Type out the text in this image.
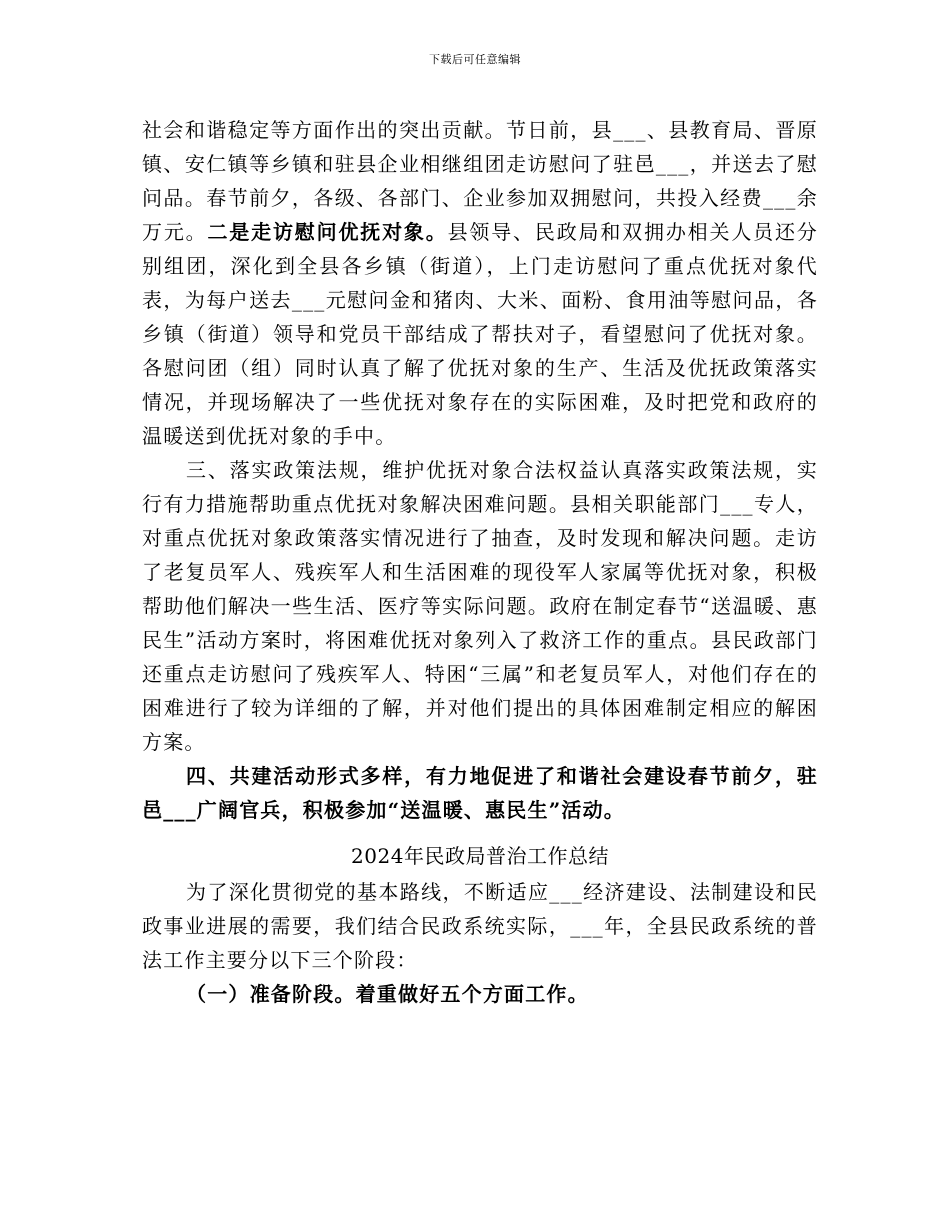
下载后可任意编辑

社会和谐稳定等方面作出的突出贡献。节日前，县___、县教育局、晋原镇、安仁镇等乡镇和驻县企业相继组团走访慰问了驻邑___，并送去了慰问品。春节前夕，各级、各部门、企业参加双拥慰问，共投入经费___余万元。二是走访慰问优抚对象。县领导、民政局和双拥办相关人员还分别组团，深化到全县各乡镇（街道），上门走访慰问了重点优抚对象代表，为每户送去___元慰问金和猪肉、大米、面粉、食用油等慰问品，各乡镇（街道）领导和党员干部结成了帮扶对子，看望慰问了优抚对象。各慰问团（组）同时认真了解了优抚对象的生产、生活及优抚政策落实情况，并现场解决了一些优抚对象存在的实际困难，及时把党和政府的温暖送到优抚对象的手中。

三、落实政策法规，维护优抚对象合法权益认真落实政策法规，实行有力措施帮助重点优抚对象解决困难问题。县相关职能部门___专人，对重点优抚对象政策落实情况进行了抽查，及时发现和解决问题。走访了老复员军人、残疾军人和生活困难的现役军人家属等优抚对象，积极帮助他们解决一些生活、医疗等实际问题。政府在制定春节“送温暖、惠民生”活动方案时，将困难优抚对象列入了救济工作的重点。县民政部门还重点走访慰问了残疾军人、特困“三属”和老复员军人，对他们存在的困难进行了较为详细的了解，并对他们提出的具体困难制定相应的解困方案。

四、共建活动形式多样，有力地促进了和谐社会建设春节前夕，驻邑___广阔官兵，积极参加“送温暖、惠民生”活动。

2024年民政局普治工作总结

为了深化贯彻党的基本路线，不断适应___经济建设、法制建设和民政事业进展的需要，我们结合民政系统实际，___年，全县民政系统的普法工作主要分以下三个阶段：

（一）准备阶段。着重做好五个方面工作。
